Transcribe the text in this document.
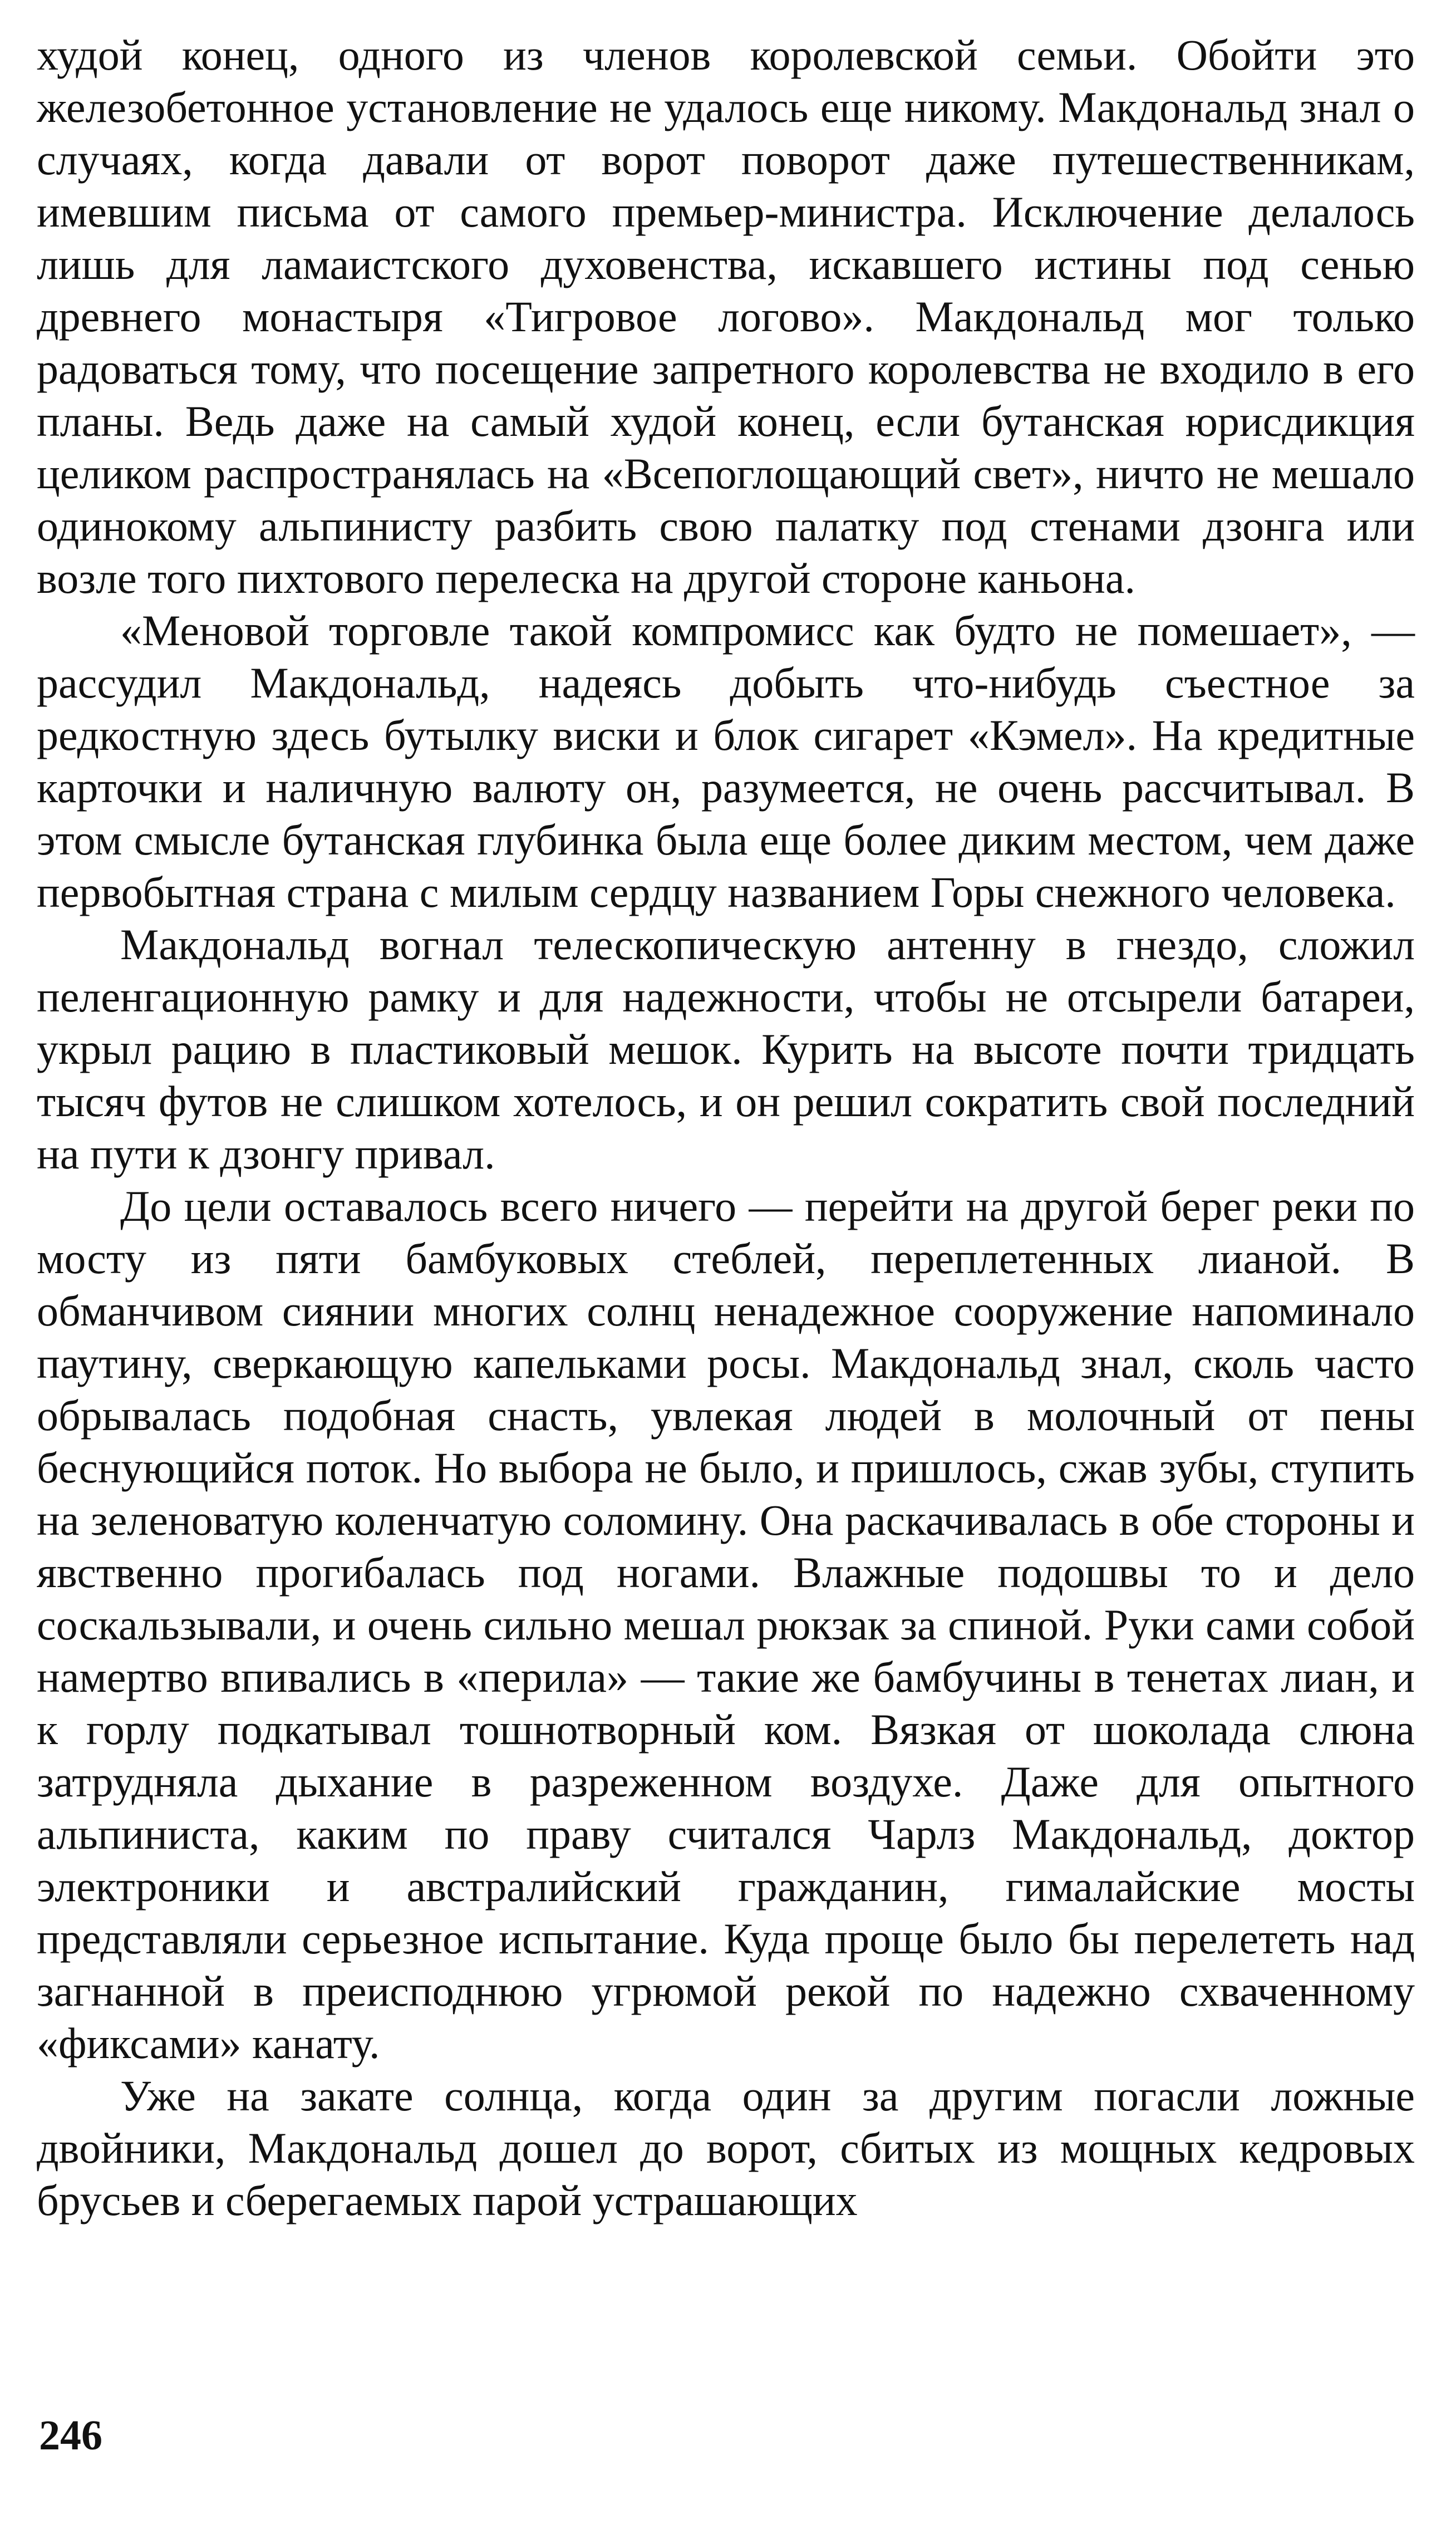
худой конец, одного из членов королевской семьи. Обойти это железобетонное установление не удалось еще никому. Макдональд знал о случаях, когда давали от ворот поворот даже путешественникам, имевшим письма от самого премьер-министра. Исключение делалось лишь для ламаистского духовенства, искавшего истины под сенью древнего монастыря «Тигровое логово». Макдональд мог только радоваться тому, что посещение запретного королевства не входило в его планы. Ведь даже на самый худой конец, если бутанская юрисдикция целиком распространялась на «Всепоглощающий свет», ничто не мешало одинокому альпинисту разбить свою палатку под стенами дзонга или возле того пихтового перелеска на другой стороне каньона.

«Меновой торговле такой компромисс как будто не помешает», — рассудил Макдональд, надеясь добыть что-нибудь съестное за редкостную здесь бутылку виски и блок сигарет «Кэмел». На кредитные карточки и наличную валюту он, разумеется, не очень рассчитывал. В этом смысле бутанская глубинка была еще более диким местом, чем даже первобытная страна с милым сердцу названием Горы снежного человека.

Макдональд вогнал телескопическую антенну в гнездо, сложил пеленгационную рамку и для надежности, чтобы не отсырели батареи, укрыл рацию в пластиковый мешок. Курить на высоте почти тридцать тысяч футов не слишком хотелось, и он решил сократить свой последний на пути к дзонгу привал.

До цели оставалось всего ничего — перейти на другой берег реки по мосту из пяти бамбуковых стеблей, переплетенных лианой. В обманчивом сиянии многих солнц ненадежное сооружение напоминало паутину, сверкающую капельками росы. Макдональд знал, сколь часто обрывалась подобная снасть, увлекая людей в молочный от пены беснующийся поток. Но выбора не было, и пришлось, сжав зубы, ступить на зеленоватую коленчатую соломину. Она раскачивалась в обе стороны и явственно прогибалась под ногами. Влажные подошвы то и дело соскальзывали, и очень сильно мешал рюкзак за спиной. Руки сами собой намертво впивались в «перила» — такие же бамбучины в тенетах лиан, и к горлу подкатывал тошнотворный ком. Вязкая от шоколада слюна затрудняла дыхание в разреженном воздухе. Даже для опытного альпиниста, каким по праву считался Чарлз Макдональд, доктор электроники и австралийский гражданин, гималайские мосты представляли серьезное испытание. Куда проще было бы перелететь над загнанной в преисподнюю угрюмой рекой по надежно схваченному «фиксами» канату.

Уже на закате солнца, когда один за другим погасли ложные двойники, Макдональд дошел до ворот, сбитых из мощных кедровых брусьев и сберегаемых парой устрашающих

246
